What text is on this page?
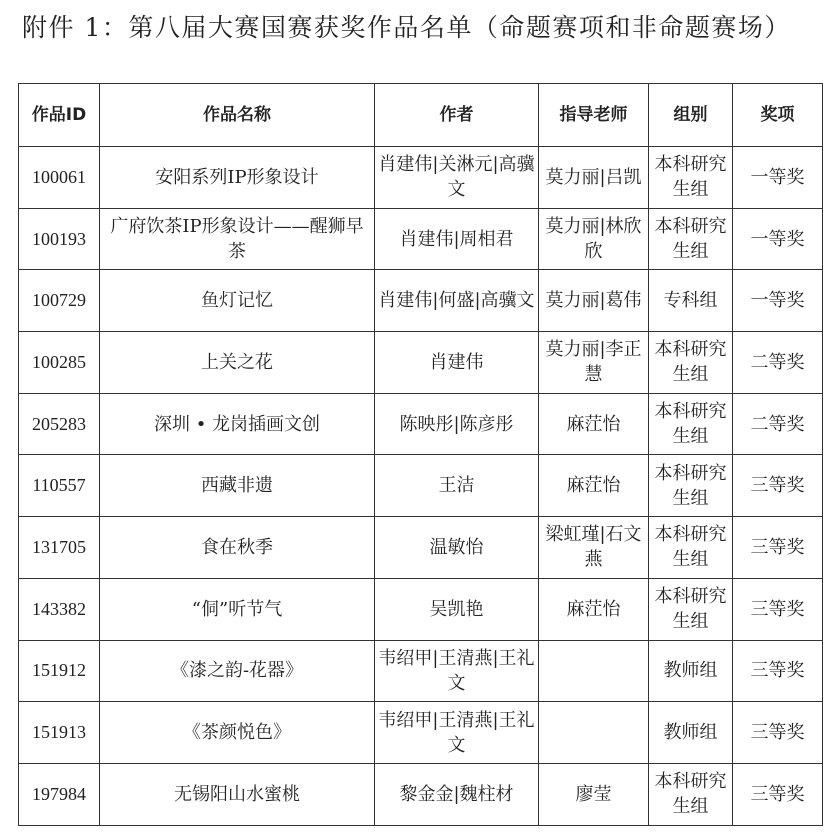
附件 1：第八届大赛国赛获奖作品名单（命题赛项和非命题赛场）
作品ID	作品名称	作者	指导老师	组别	奖项
100061	安阳系列IP形象设计	肖建伟|关淋元|高骥文	莫力丽|吕凯	本科研究生组	一等奖
100193	广府饮茶IP形象设计——醒狮早茶	肖建伟|周相君	莫力丽|林欣欣	本科研究生组	一等奖
100729	鱼灯记忆	肖建伟|何盛|高骥文	莫力丽|葛伟	专科组	一等奖
100285	上关之花	肖建伟	莫力丽|李正慧	本科研究生组	二等奖
205283	深圳 • 龙岗插画文创	陈映彤|陈彦彤	麻茳怡	本科研究生组	二等奖
110557	西藏非遗	王洁	麻茳怡	本科研究生组	三等奖
131705	食在秋季	温敏怡	梁虹瑾|石文燕	本科研究生组	三等奖
143382	“侗”听节气	吴凯艳	麻茳怡	本科研究生组	三等奖
151912	《漆之韵-花器》	韦绍甲|王清燕|王礼文		教师组	三等奖
151913	《茶颜悦色》	韦绍甲|王清燕|王礼文		教师组	三等奖
197984	无锡阳山水蜜桃	黎金金|魏柱材	廖莹	本科研究生组	三等奖
